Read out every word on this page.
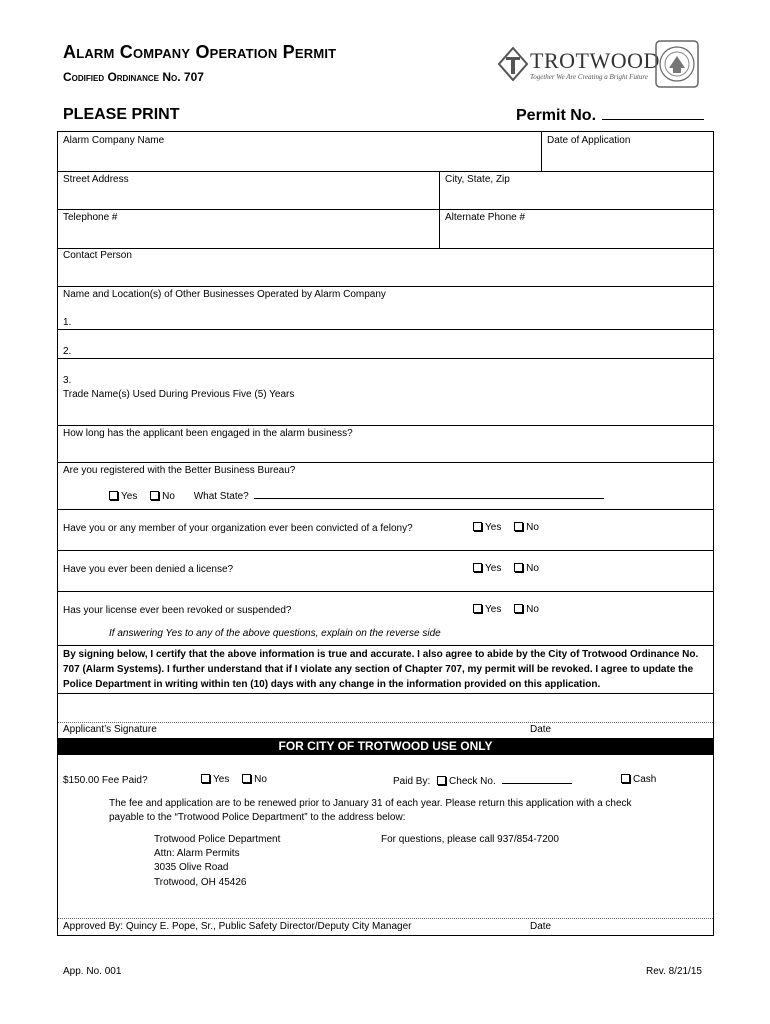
Alarm Company Operation Permit
Codified Ordinance No. 707
TROTWOOD
Together We Are Creating a Bright Future
PLEASE PRINT	Permit No.
Alarm Company Name	Date of Application
Street Address	City, State, Zip
Telephone #	Alternate Phone #
Contact Person
Name and Location(s) of Other Businesses Operated by Alarm Company
1.
2.
3.
Trade Name(s) Used During Previous Five (5) Years
How long has the applicant been engaged in the alarm business?
Are you registered with the Better Business Bureau?
Yes No What State?
Have you or any member of your organization ever been convicted of a felony?	Yes No
Have you ever been denied a license?	Yes No
Has your license ever been revoked or suspended?	Yes No
If answering Yes to any of the above questions, explain on the reverse side
By signing below, I certify that the above information is true and accurate. I also agree to abide by the City of Trotwood Ordinance No.
707 (Alarm Systems). I further understand that if I violate any section of Chapter 707, my permit will be revoked. I agree to update the
Police Department in writing within ten (10) days with any change in the information provided on this application.
Applicant’s Signature	Date
FOR CITY OF TROTWOOD USE ONLY
$150.00 Fee Paid?	Yes No	Paid By: Check No.	Cash
The fee and application are to be renewed prior to January 31 of each year. Please return this application with a check
payable to the “Trotwood Police Department” to the address below:
Trotwood Police Department
Attn: Alarm Permits
3035 Olive Road
Trotwood, OH 45426
For questions, please call 937/854-7200
Approved By: Quincy E. Pope, Sr., Public Safety Director/Deputy City Manager	Date
App. No. 001	Rev. 8/21/15
